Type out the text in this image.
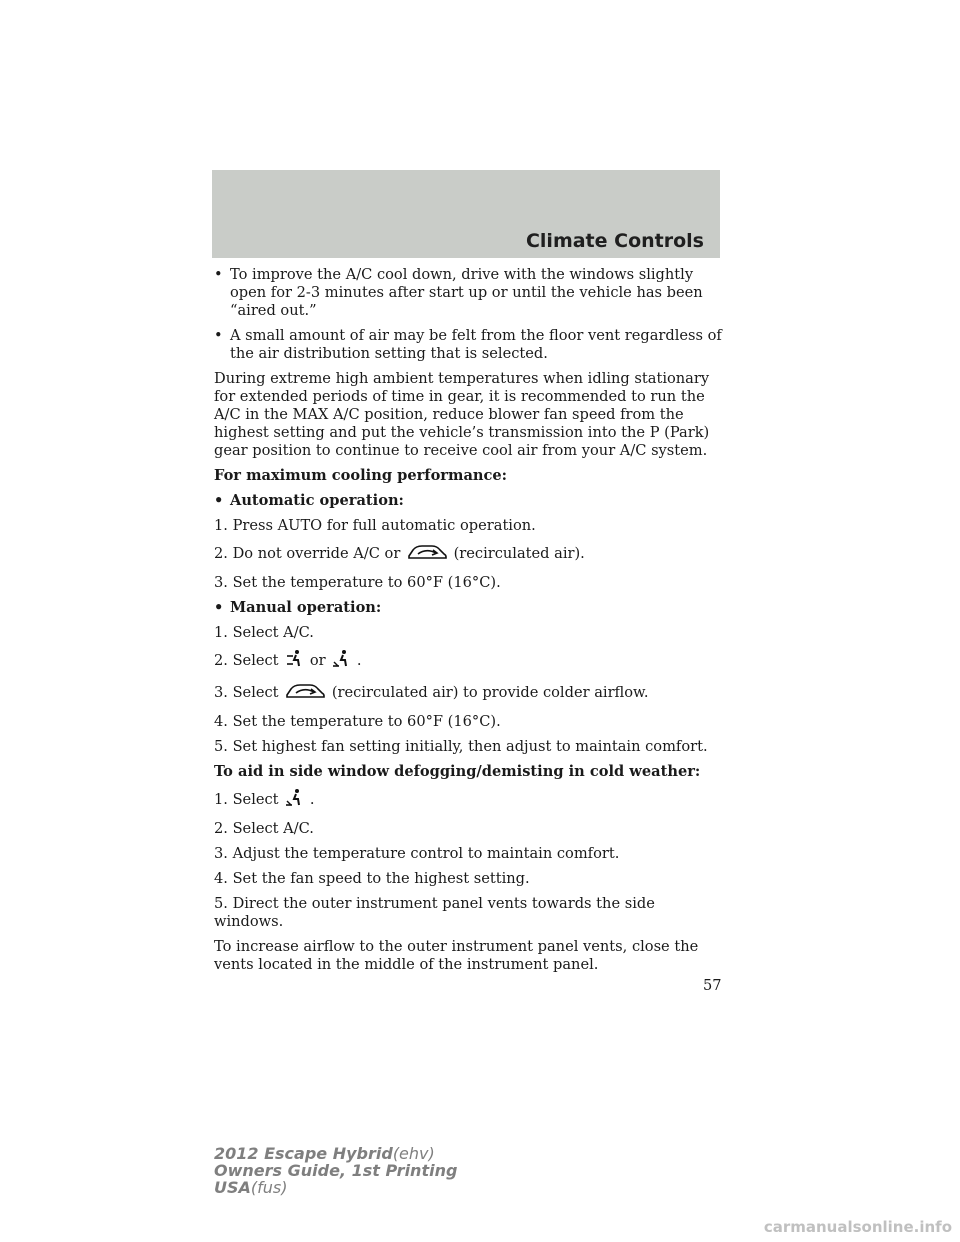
Climate Controls
• To improve the A/C cool down, drive with the windows slightly open for 2-3 minutes after start up or until the vehicle has been “aired out.”
• A small amount of air may be felt from the floor vent regardless of the air distribution setting that is selected.

During extreme high ambient temperatures when idling stationary for extended periods of time in gear, it is recommended to run the A/C in the MAX A/C position, reduce blower fan speed from the highest setting and put the vehicle’s transmission into the P (Park) gear position to continue to receive cool air from your A/C system.

For maximum cooling performance:

• Automatic operation:

1. Press AUTO for full automatic operation.

2. Do not override A/C or	(recirculated air).

3. Set the temperature to 60°F (16°C).

• Manual operation:

1. Select A/C.

2. Select or .

3. Select	(recirculated air) to provide colder airflow.

4. Set the temperature to 60°F (16°C).

5. Set highest fan setting initially, then adjust to maintain comfort.

To aid in side window defogging/demisting in cold weather:

1. Select .

2. Select A/C.

3. Adjust the temperature control to maintain comfort.

4. Set the fan speed to the highest setting.

5. Direct the outer instrument panel vents towards the side windows.

To increase airflow to the outer instrument panel vents, close the vents located in the middle of the instrument panel.

57
2012 Escape Hybrid(ehv)
Owners Guide, 1st Printing
USA(fus)
carmanualsonline.info
